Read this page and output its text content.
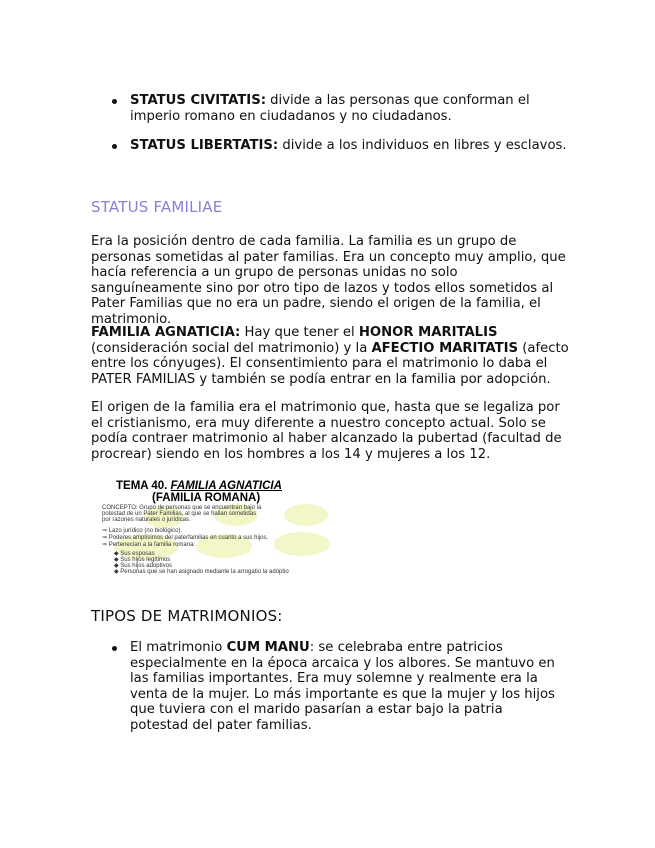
STATUS CIVITATIS: divide a las personas que conforman el imperio romano en ciudadanos y no ciudadanos.
STATUS LIBERTATIS: divide a los individuos en libres y esclavos.
STATUS FAMILIAE

Era la posición dentro de cada familia. La familia es un grupo de personas sometidas al pater familias. Era un concepto muy amplio, que hacía referencia a un grupo de personas unidas no solo sanguíneamente sino por otro tipo de lazos y todos ellos sometidos al Pater Familias que no era un padre, siendo el origen de la familia, el matrimonio.

FAMILIA AGNATICIA: Hay que tener el HONOR MARITALIS (consideración social del matrimonio) y la AFECTIO MARITATIS (afecto entre los cónyuges). El consentimiento para el matrimonio lo daba el PATER FAMILIAS y también se podía entrar en la familia por adopción.

El origen de la familia era el matrimonio que, hasta que se legaliza por el cristianismo, era muy diferente a nuestro concepto actual. Solo se podía contraer matrimonio al haber alcanzado la pubertad (facultad de procrear) siendo en los hombres a los 14 y mujeres a los 12.

TEMA 40. FAMILIA AGNATICIA
(FAMILIA ROMANA)
CONCEPTO: Grupo de personas que se encuentran bajo la
potestad de un Pater Familias, al que se hallan sometidas
por razones naturales o jurídicas.
⇒ Lazo jurídico (no biológico).
⇒ Poderes amplísimos del paterfamilias en cuanto a sus hijos.
⇒ Pertenecían a la familia romana:
◆ Sus esposas
◆ Sus hijos legítimos
◆ Sus hijos adoptivos
◆ Personas que se han asignado mediante la arrogatio la adoptio
TIPOS DE MATRIMONIOS:
El matrimonio CUM MANU: se celebraba entre patricios especialmente en la época arcaica y los albores. Se mantuvo en las familias importantes. Era muy solemne y realmente era la venta de la mujer. Lo más importante es que la mujer y los hijos que tuviera con el marido pasarían a estar bajo la patria potestad del pater familias.
